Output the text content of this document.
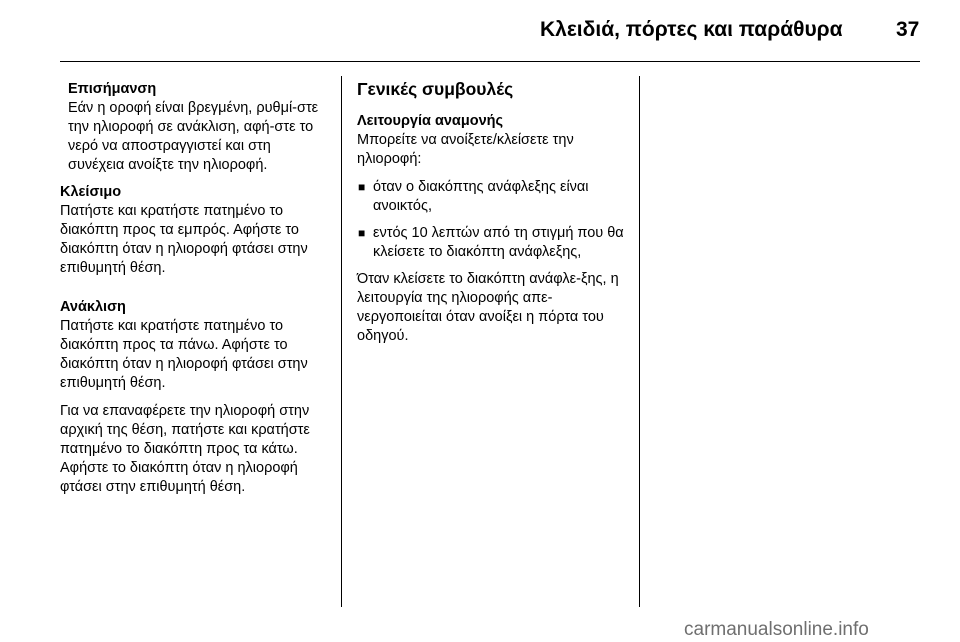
Κλειδιά, πόρτες και παράθυρα	37
Επισήμανση
Εάν η οροφή είναι βρεγμένη, ρυθμί-στε την ηλιοροφή σε ανάκλιση, αφή-στε το νερό να αποστραγγιστεί και στη συνέχεια ανοίξτε την ηλιοροφή.
Κλείσιμο
Πατήστε και κρατήστε πατημένο το διακόπτη προς τα εμπρός. Αφήστε το διακόπτη όταν η ηλιοροφή φτάσει στην επιθυμητή θέση.
Ανάκλιση

Πατήστε και κρατήστε πατημένο το διακόπτη προς τα πάνω. Αφήστε το διακόπτη όταν η ηλιοροφή φτάσει στην επιθυμητή θέση.

Για να επαναφέρετε την ηλιοροφή στην αρχική της θέση, πατήστε και κρατήστε πατημένο το διακόπτη προς τα κάτω. Αφήστε το διακόπτη όταν η ηλιοροφή φτάσει στην επιθυμητή θέση.

Γενικές συμβουλές
Λειτουργία αναμονής

Μπορείτε να ανοίξετε/κλείσετε την ηλιοροφή:

■ όταν ο διακόπτης ανάφλεξης είναι ανοικτός,
■ εντός 10 λεπτών από τη στιγμή που θα κλείσετε το διακόπτη ανάφλεξης,

Όταν κλείσετε το διακόπτη ανάφλε-ξης, η λειτουργία της ηλιοροφής απε-νεργοποιείται όταν ανοίξει η πόρτα του οδηγού.

carmanualsonline.info
